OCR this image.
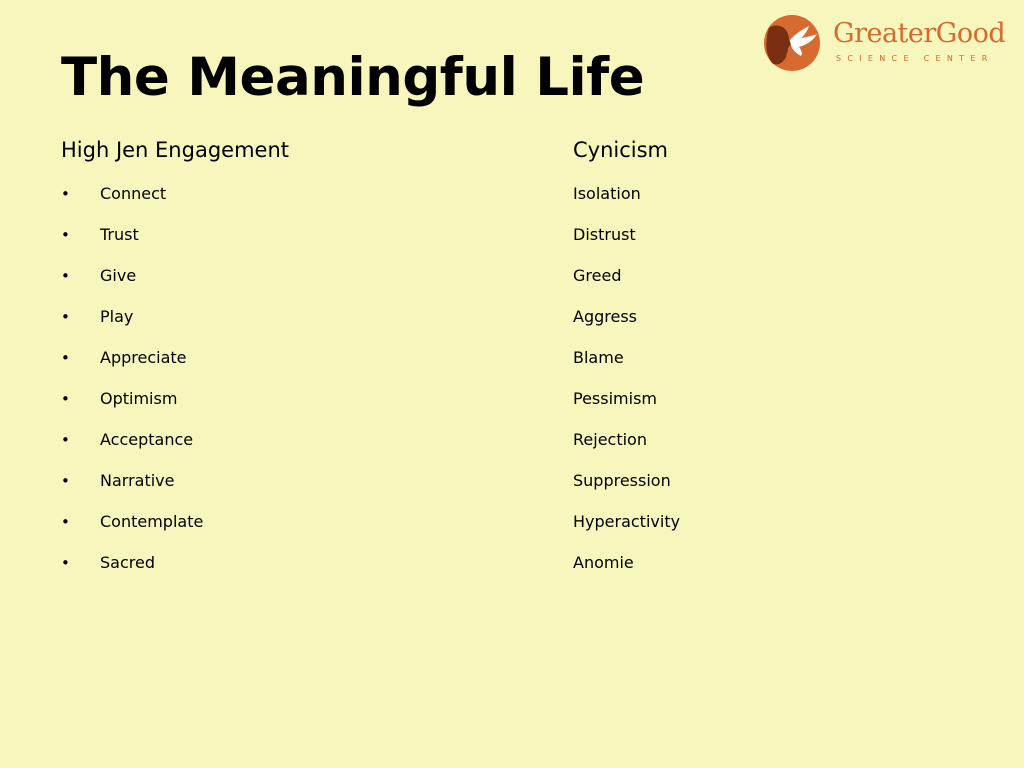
The Meaningful Life
GreaterGood
SCIENCE CENTER
High Jen Engagement	Cynicism
• Connect
• Trust
• Give
• Play
• Appreciate
• Optimism
• Acceptance
• Narrative
• Contemplate
• Sacred
Isolation
Distrust
Greed
Aggress
Blame
Pessimism
Rejection
Suppression
Hyperactivity
Anomie
